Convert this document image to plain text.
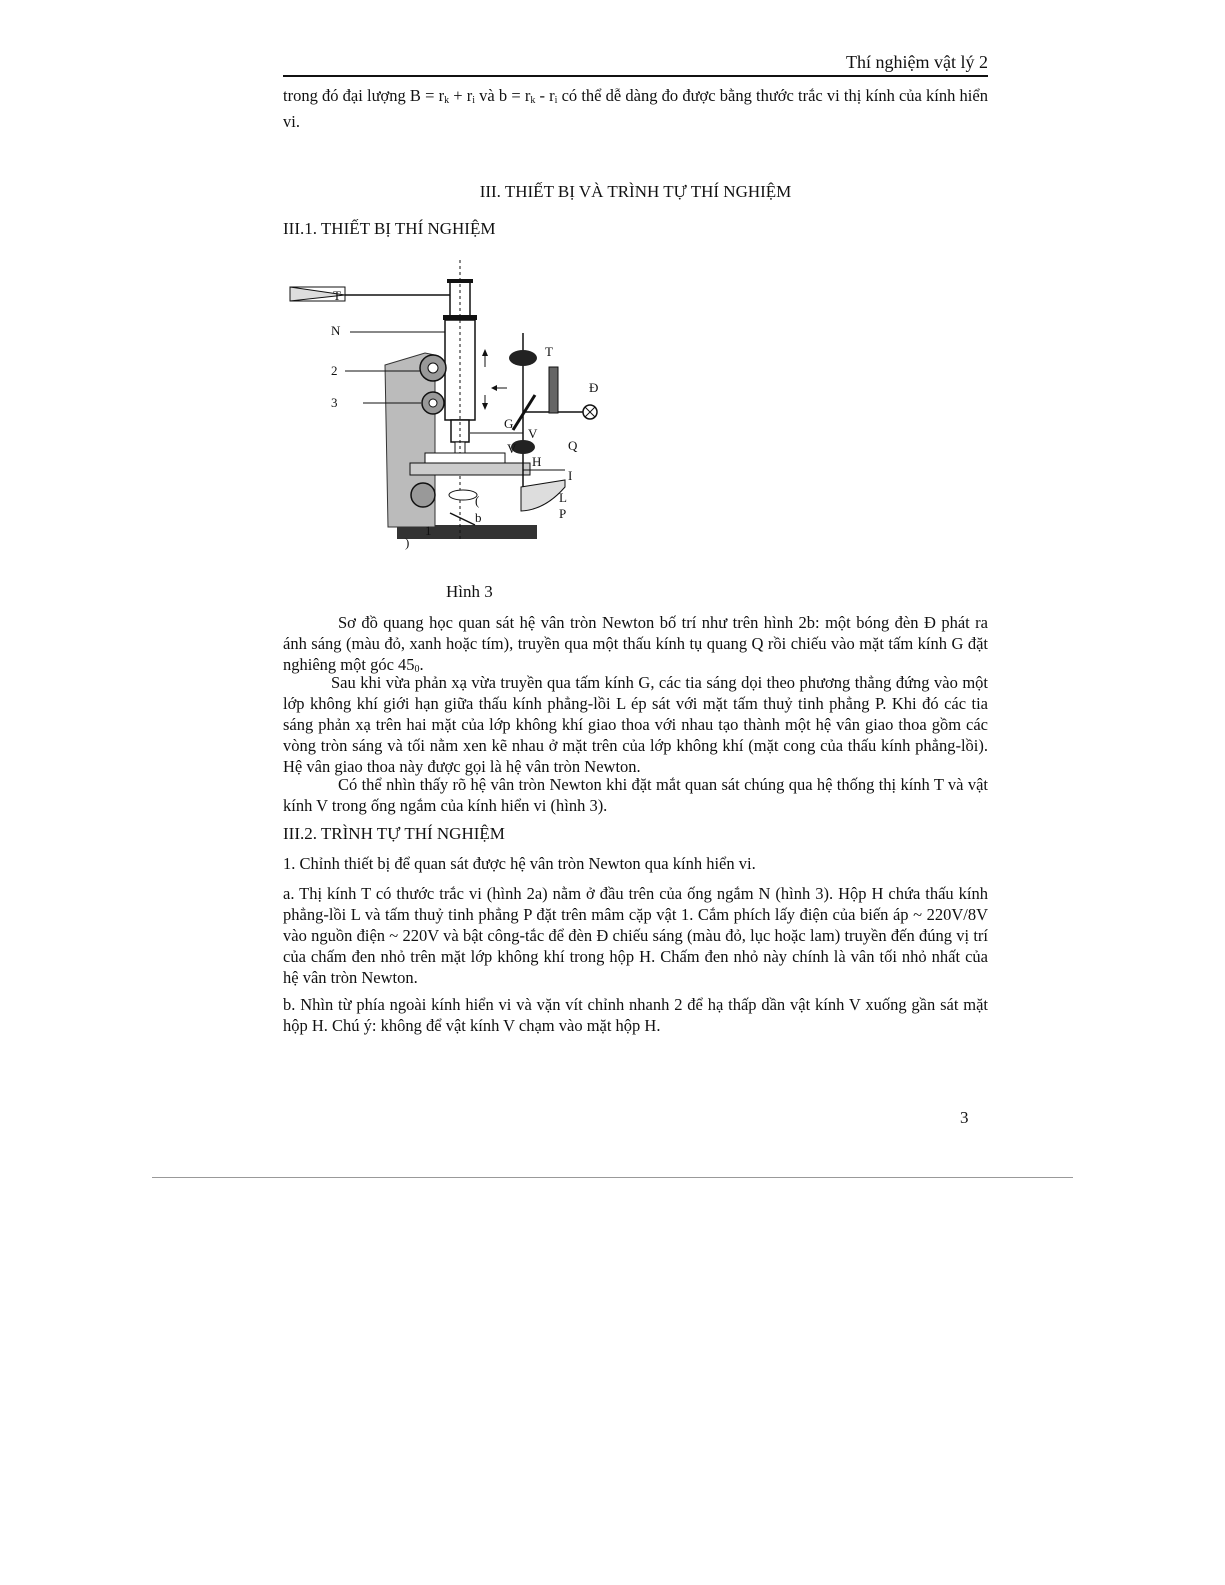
Thí nghiệm vật lý 2
trong đó đại lượng $B = r_k + r_i$ và $b = r_k - r_i$ có thể dễ dàng đo được bằng thước trắc vi thị kính của kính hiển vi.
III. THIẾT BỊ VÀ TRÌNH TỰ THÍ NGHIỆM
III.1. THIẾT BỊ THÍ NGHIỆM
T
N
2
3
T
Đ
G
V
Q
V
H
I
L
P
b
(
1
)
Hình 3
Sơ đồ quang học quan sát hệ vân tròn Newton bố trí như trên hình 2b: một bóng đèn Đ phát ra ánh sáng (màu đỏ, xanh hoặc tím), truyền qua một thấu kính tụ quang Q rồi chiếu vào mặt tấm kính G đặt nghiêng một góc $45_0$.
Sau khi vừa phản xạ vừa truyền qua tấm kính G, các tia sáng dọi theo phương thẳng đứng vào một lớp không khí giới hạn giữa thấu kính phẳng-lồi L ép sát với mặt tấm thuỷ tinh phẳng P. Khi đó các tia sáng phản xạ trên hai mặt của lớp không khí giao thoa với nhau tạo thành một hệ vân giao thoa gồm các vòng tròn sáng và tối nằm xen kẽ nhau ở mặt trên của lớp không khí (mặt cong của thấu kính phẳng-lồi). Hệ vân giao thoa này được gọi là hệ vân tròn Newton.
Có thể nhìn thấy rõ hệ vân tròn Newton khi đặt mắt quan sát chúng qua hệ thống thị kính T và vật kính V trong ống ngắm của kính hiển vi (hình 3).
III.2. TRÌNH TỰ THÍ NGHIỆM
1. Chỉnh thiết bị để quan sát được hệ vân tròn Newton qua kính hiển vi.
a. Thị kính T có thước trắc vi (hình 2a) nằm ở đầu trên của ống ngắm N (hình 3). Hộp H chứa thấu kính phẳng-lồi L và tấm thuỷ tinh phẳng P đặt trên mâm cặp vật 1. Cắm phích lấy điện của biến áp ~ 220V/8V vào nguồn điện ~ 220V và bật công-tắc để đèn Đ chiếu sáng (màu đỏ, lục hoặc lam) truyền đến đúng vị trí của chấm đen nhỏ trên mặt lớp không khí trong hộp H. Chấm đen nhỏ này chính là vân tối nhỏ nhất của hệ vân tròn Newton.
b. Nhìn từ phía ngoài kính hiển vi và vặn vít chỉnh nhanh 2 để hạ thấp dần vật kính V xuống gần sát mặt hộp H. Chú ý: không để vật kính V chạm vào mặt hộp H.
3
